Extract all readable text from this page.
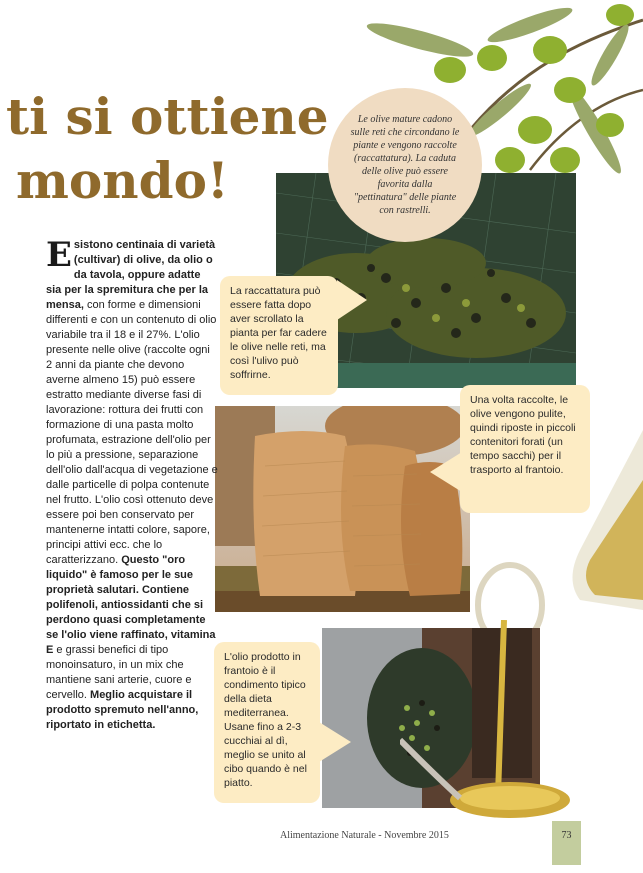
ti si ottiene
mondo!
Le olive mature cadono sulle reti che circondano le piante e vengono raccolte (raccattatura). La caduta delle olive può essere favorita dalla "pettinatura" delle piante con rastrelli.
La raccattatura può essere fatta dopo aver scrollato la pianta per far cadere le olive nelle reti, ma così l'ulivo può soffrirne.
Una volta raccolte, le olive vengono pulite, quindi riposte in piccoli contenitori forati (un tempo sacchi) per il trasporto al frantoio.
L'olio prodotto in frantoio è il condimento tipico della dieta mediterranea. Usane fino a 2-3 cucchiai al dì, meglio se unito al cibo quando è nel piatto.
Esistono centinaia di varietà (cultivar) di olive, da olio o da tavola, oppure adatte sia per la spremitura che per la mensa, con forme e dimensioni differenti e con un contenuto di olio variabile tra il 18 e il 27%. L'olio presente nelle olive (raccolte ogni 2 anni da piante che devono averne almeno 15) può essere estratto mediante diverse fasi di lavorazione: rottura dei frutti con formazione di una pasta molto profumata, estrazione dell'olio per lo più a pressione, separazione dell'olio dall'acqua di vegetazione e dalle particelle di polpa contenute nel frutto. L'olio così ottenuto deve essere poi ben conservato per mantenerne intatti colore, sapore, principi attivi ecc. che lo caratterizzano. Questo "oro liquido" è famoso per le sue proprietà salutari. Contiene polifenoli, antiossidanti che si perdono quasi completamente se l'olio viene raffinato, vitamina E e grassi benefici di tipo monoinsaturo, in un mix che mantiene sani arterie, cuore e cervello. Meglio acquistare il prodotto spremuto nell'anno, riportato in etichetta.
Alimentazione Naturale - Novembre 2015	73
